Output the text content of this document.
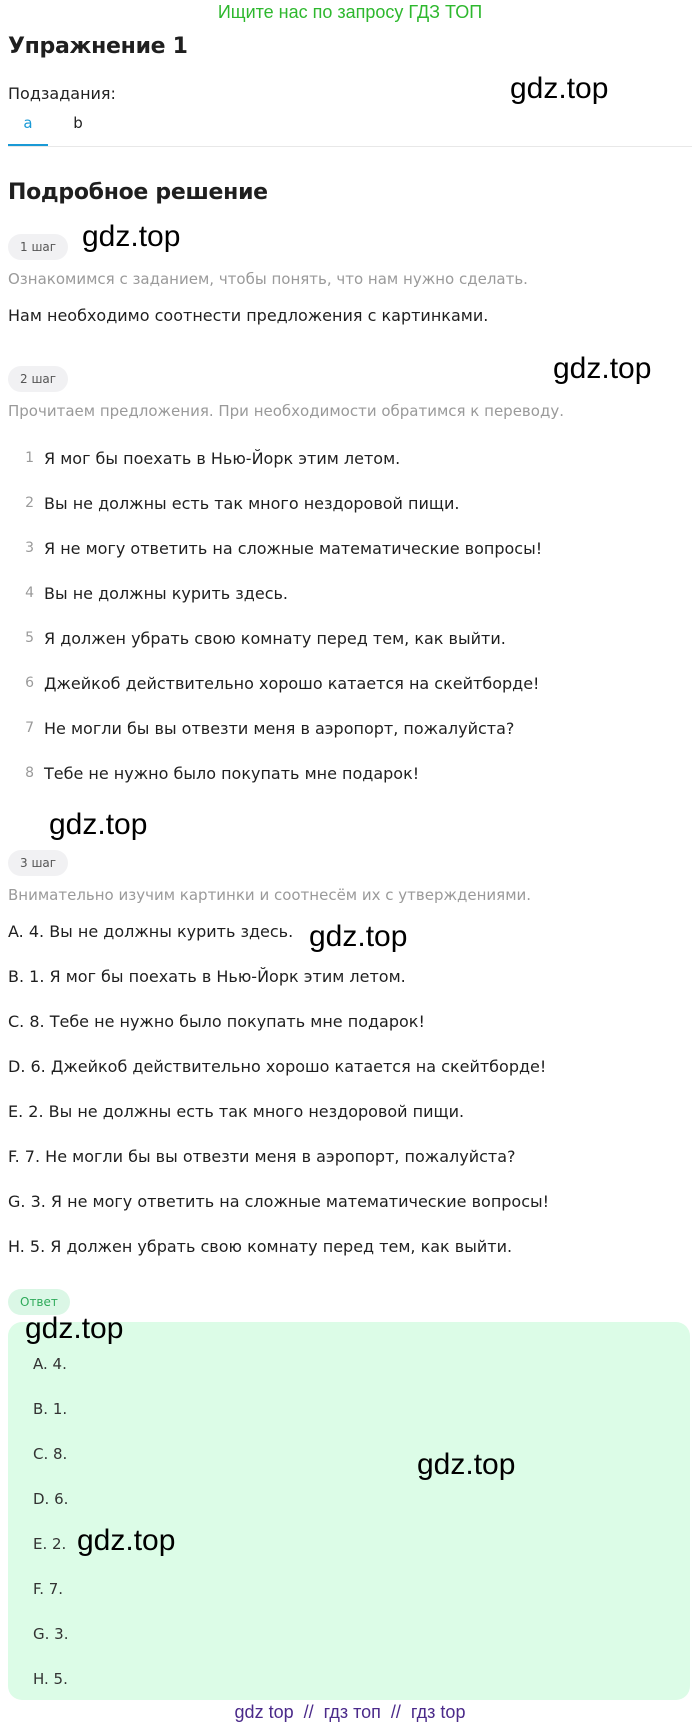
Ищите нас по запросу ГДЗ ТОП
Упражнение 1
Подзадания:
a	b
Подробное решение
1 шаг
Ознакомимся с заданием, чтобы понять, что нам нужно сделать.
Нам необходимо соотнести предложения с картинками.
2 шаг
Прочитаем предложения. При необходимости обратимся к переводу.
1 Я мог бы поехать в Нью-Йорк этим летом.
2 Вы не должны есть так много нездоровой пищи.
3 Я не могу ответить на сложные математические вопросы!
4 Вы не должны курить здесь.
5 Я должен убрать свою комнату перед тем, как выйти.
6 Джейкоб действительно хорошо катается на скейтборде!
7 Не могли бы вы отвезти меня в аэропорт, пожалуйста?
8 Тебе не нужно было покупать мне подарок!
3 шаг
Внимательно изучим картинки и соотнесём их с утверждениями.
A. 4. Вы не должны курить здесь.
B. 1. Я мог бы поехать в Нью-Йорк этим летом.
C. 8. Тебе не нужно было покупать мне подарок!
D. 6. Джейкоб действительно хорошо катается на скейтборде!
E. 2. Вы не должны есть так много нездоровой пищи.
F. 7. Не могли бы вы отвезти меня в аэропорт, пожалуйста?
G. 3. Я не могу ответить на сложные математические вопросы!
H. 5. Я должен убрать свою комнату перед тем, как выйти.
Ответ
A. 4.
B. 1.
C. 8.
D. 6.
E. 2.
F. 7.
G. 3.
H. 5.
gdz.top
gdz.top
gdz.top
gdz.top
gdz.top
gdz.top
gdz.top
gdz.top
gdz top  //  гдз топ  //  гдз top
